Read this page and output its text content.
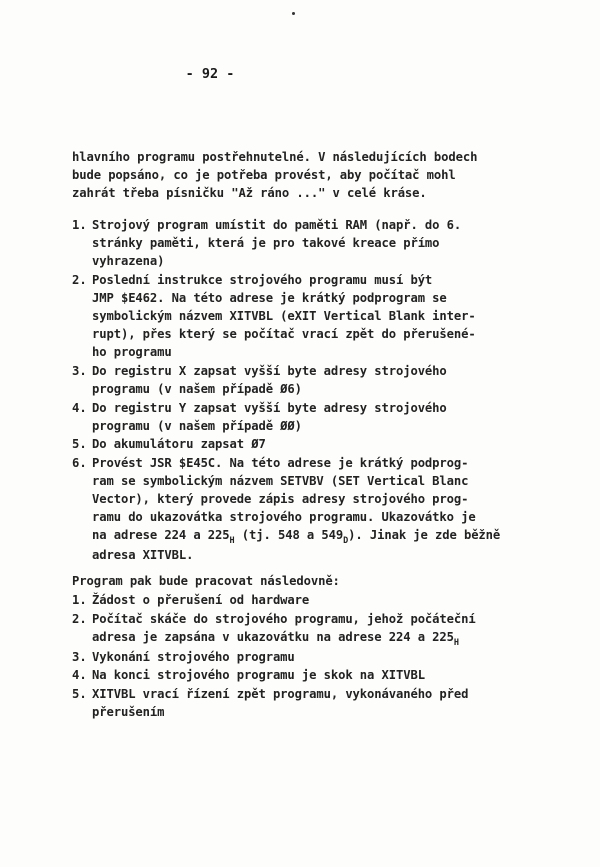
- 92 -
hlavního programu postřehnutelné. V následujících bodech
bude popsáno, co je potřeba provést, aby počítač mohl
zahrát třeba písničku "Až ráno ..." v celé kráse.
1. Strojový program umístit do paměti RAM (např. do 6.
stránky paměti, která je pro takové kreace přímo
vyhrazena)
2. Poslední instrukce strojového programu musí být
JMP $E462. Na této adrese je krátký podprogram se
symbolickým názvem XITVBL (eXIT Vertical Blank inter-
rupt), přes který se počítač vrací zpět do přerušené-
ho programu
3. Do registru X zapsat vyšší byte adresy strojového
programu (v našem případě Ø6)
4. Do registru Y zapsat vyšší byte adresy strojového
programu (v našem případě ØØ)
5. Do akumulátoru zapsat Ø7
6. Provést JSR $E45C. Na této adrese je krátký podprog-
ram se symbolickým názvem SETVBV (SET Vertical Blanc
Vector), který provede zápis adresy strojového prog-
ramu do ukazovátka strojového programu. Ukazovátko je
na adrese 224 a $225_H$ (tj. 548 a $549_D$). Jinak je zde běžně
adresa XITVBL.
Program pak bude pracovat následovně:
1. Žádost o přerušení od hardware
2. Počítač skáče do strojového programu, jehož počáteční
adresa je zapsána v ukazovátku na adrese 224 a $225_H$
3. Vykonání strojového programu
4. Na konci strojového programu je skok na XITVBL
5. XITVBL vrací řízení zpět programu, vykonávaného před
přerušením
